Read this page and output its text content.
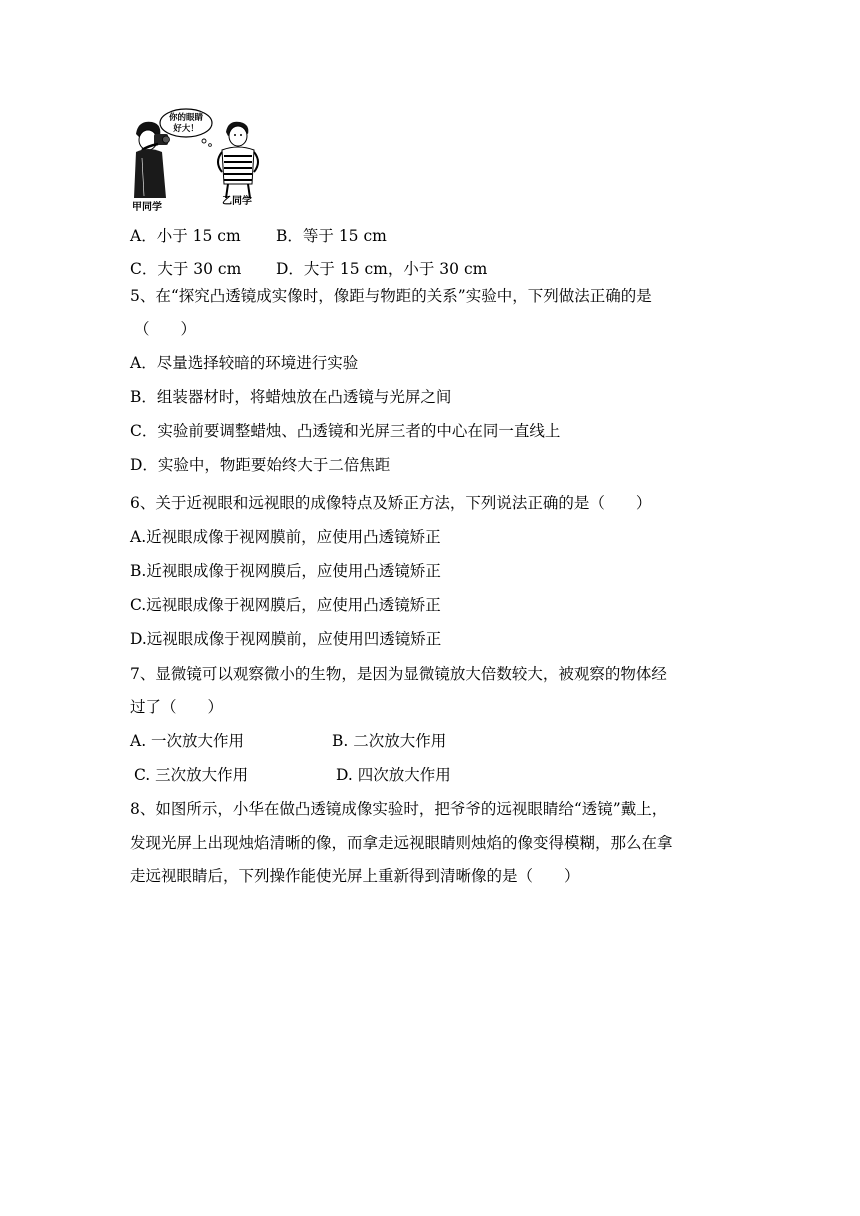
你的眼睛
好大！
甲同学
乙同学
A．小于 15 cm B．等于 15 cm
C．大于 30 cm D．大于 15 cm，小于 30 cm
5、在“探究凸透镜成实像时，像距与物距的关系”实验中，下列做法正确的是
（　　）
A．尽量选择较暗的环境进行实验
B．组装器材时，将蜡烛放在凸透镜与光屏之间
C．实验前要调整蜡烛、凸透镜和光屏三者的中心在同一直线上
D．实验中，物距要始终大于二倍焦距
6、关于近视眼和远视眼的成像特点及矫正方法，下列说法正确的是（　　）
A.近视眼成像于视网膜前，应使用凸透镜矫正
B.近视眼成像于视网膜后，应使用凸透镜矫正
C.远视眼成像于视网膜后，应使用凸透镜矫正
D.远视眼成像于视网膜前，应使用凹透镜矫正
7、显微镜可以观察微小的生物，是因为显微镜放大倍数较大，被观察的物体经
过了（　　）
A. 一次放大作用	B. 二次放大作用
C. 三次放大作用	D. 四次放大作用
8、如图所示，小华在做凸透镜成像实验时，把爷爷的远视眼睛给“透镜”戴上，
发现光屏上出现烛焰清晰的像，而拿走远视眼睛则烛焰的像变得模糊，那么在拿
走远视眼睛后，下列操作能使光屏上重新得到清晰像的是（　　）
